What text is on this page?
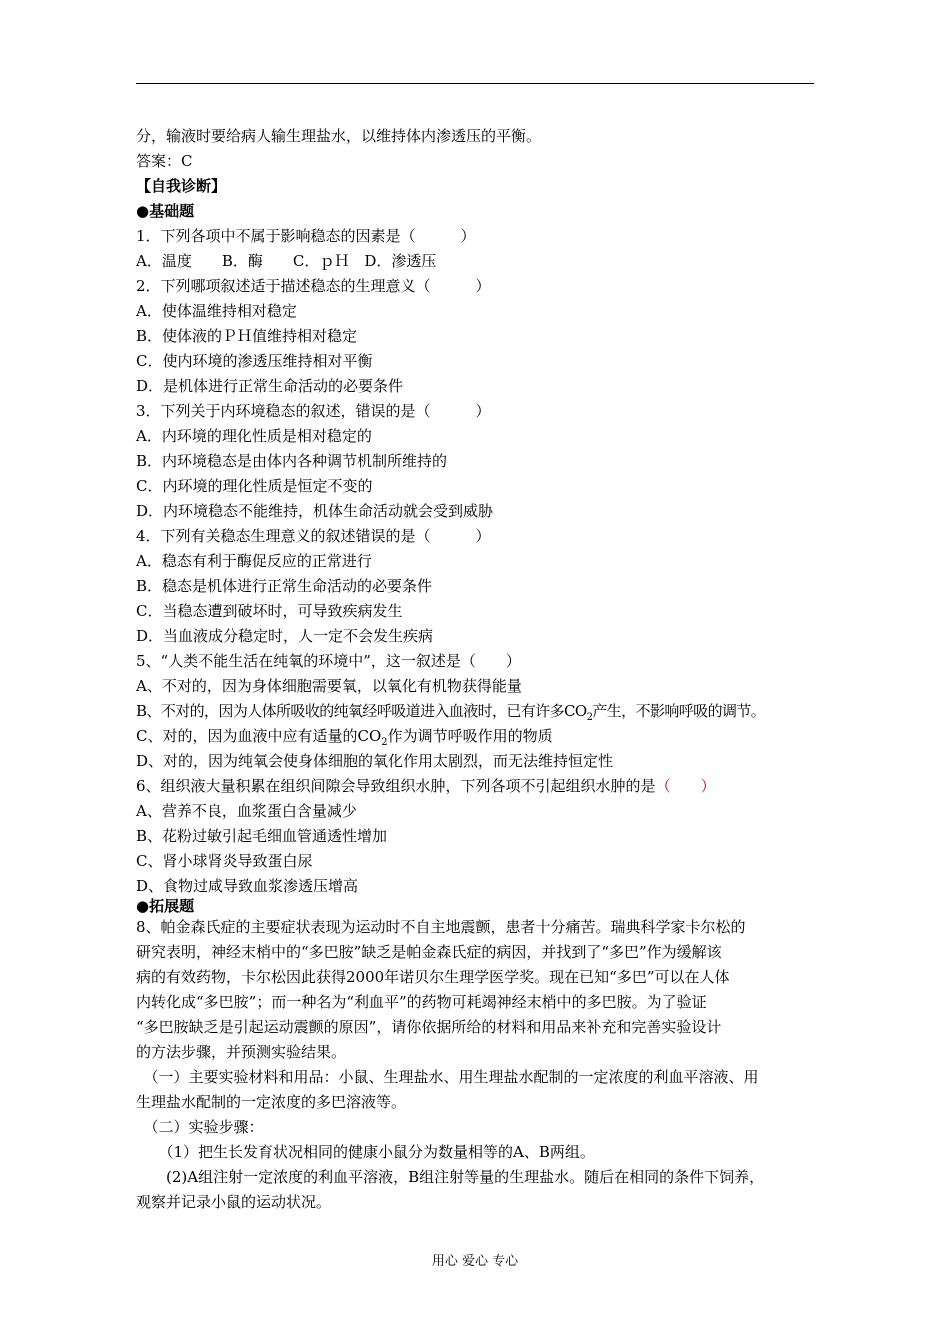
分，输液时要给病人输生理盐水，以维持体内渗透压的平衡。
答案：C
【自我诊断】
●基础题
1．下列各项中不属于影响稳态的因素是（　　　）
A．温度　　B．酶　　C．ｐＨ　D．渗透压
2．下列哪项叙述适于描述稳态的生理意义（　　　）
A．使体温维持相对稳定
B．使体液的ＰＨ值维持相对稳定
C．使内环境的渗透压维持相对平衡
D．是机体进行正常生命活动的必要条件
3．下列关于内环境稳态的叙述，错误的是（　　　）
A．内环境的理化性质是相对稳定的
B．内环境稳态是由体内各种调节机制所维持的
C．内环境的理化性质是恒定不变的
D．内环境稳态不能维持，机体生命活动就会受到威胁
4．下列有关稳态生理意义的叙述错误的是（　　　）
A．稳态有利于酶促反应的正常进行
B．稳态是机体进行正常生命活动的必要条件
C．当稳态遭到破坏时，可导致疾病发生
D．当血液成分稳定时，人一定不会发生疾病
5、“人类不能生活在纯氧的环境中”，这一叙述是（　　）
A、不对的，因为身体细胞需要氧，以氧化有机物获得能量
B、不对的，因为人体所吸收的纯氧经呼吸道进入血液时，已有许多$CO_2$产生，不影响呼吸的调节。
C、对的，因为血液中应有适量的$CO_2$作为调节呼吸作用的物质
D、对的，因为纯氧会使身体细胞的氧化作用太剧烈，而无法维持恒定性
6、组织液大量积累在组织间隙会导致组织水肿，下列各项不引起组织水肿的是（　　）
A、营养不良，血浆蛋白含量减少
B、花粉过敏引起毛细血管通透性增加
C、肾小球肾炎导致蛋白尿
D、食物过咸导致血浆渗透压增高
●拓展题
8、帕金森氏症的主要症状表现为运动时不自主地震颤，患者十分痛苦。瑞典科学家卡尔松的
研究表明，神经末梢中的“多巴胺”缺乏是帕金森氏症的病因，并找到了“多巴”作为缓解该
病的有效药物，卡尔松因此获得2000年诺贝尔生理学医学奖。现在已知“多巴”可以在人体
内转化成“多巴胺”；而一种名为“利血平”的药物可耗竭神经末梢中的多巴胺。为了验证
“多巴胺缺乏是引起运动震颤的原因”，请你依据所给的材料和用品来补充和完善实验设计
的方法步骤，并预测实验结果。
　（一）主要实验材料和用品：小鼠、生理盐水、用生理盐水配制的一定浓度的利血平溶液、用
生理盐水配制的一定浓度的多巴溶液等。
　（二）实验步骤：
　　（1）把生长发育状况相同的健康小鼠分为数量相等的A、B两组。
　　(2)A组注射一定浓度的利血平溶液，B组注射等量的生理盐水。随后在相同的条件下饲养，
观察并记录小鼠的运动状况。
用心 爱心 专心
